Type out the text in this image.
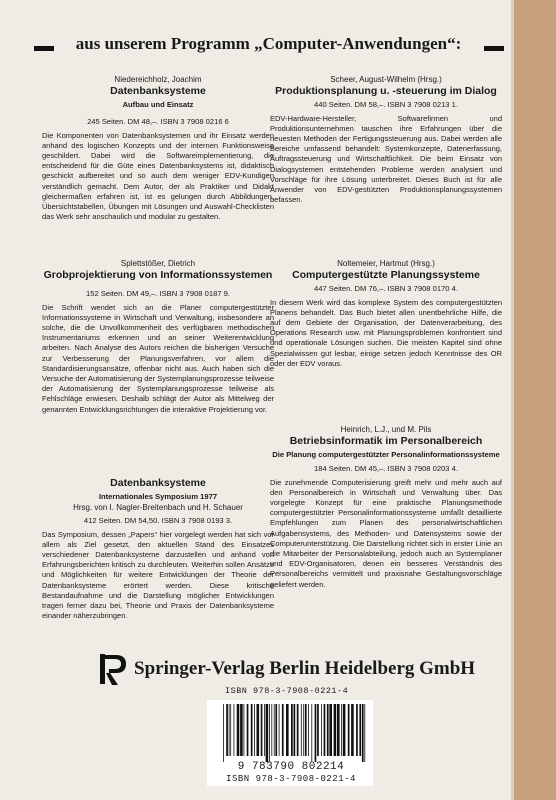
aus unserem Programm „Computer-Anwendungen“:
Niedereichholz, Joachim
Datenbanksysteme
Aufbau und Einsatz
245 Seiten. DM 48,–. ISBN 3 7908 0216 6
Die Komponenten von Datenbanksystemen und ihr Einsatz werden anhand des logischen Konzepts und der internen Funktionsweise geschildert. Dabei wird die Softwareimplementierung, die entscheidend für die Güte eines Datenbanksystems ist, didaktisch geschickt aufbereitet und so auch dem weniger EDV-Kundigen verständlich gemacht. Dem Autor, der als Praktiker und Didakt gleichermaßen erfahren ist, ist es gelungen durch Abbildungen, Übersichtstabellen, Übungen mit Lösungen und Auswahl-Checklisten das Werk sehr anschaulich und modular zu gestalten.
Splettstößer, Dietrich
Grobprojektierung von Informationssystemen
152 Seiten. DM 49,–. ISBN 3 7908 0187 9.
Die Schrift wendet sich an die Planer computergestützter Informationssysteme in Wirtschaft und Verwaltung, insbesondere an solche, die die Unvollkommenheit des verfügbaren methodischen Instrumentariums erkennen und an seiner Weiterentwicklung arbeiten. Nach Analyse des Autors reichen die bisherigen Versuche zur Verbesserung der Planungsverfahren, vor allem die Standardisierungsansätze, offenbar nicht aus. Auch haben sich die Versuche der Automatisierung der Systemplanungsprozesse teilweise der Automatisierung der Systemplanungsprozesse teilweise als Fehlschläge erwiesen. Deshalb schlägt der Autor als Mittelweg der genannten Entwicklungsrichtungen die interaktive Projektierung vor.
Datenbanksysteme
Internationales Symposium 1977
Hrsg. von I. Nagler-Breitenbach und H. Schauer
412 Seiten. DM 54,50. ISBN 3 7908 0193 3.
Das Symposium, dessen „Papers“ hier vorgelegt werden hat sich vor allem als Ziel gesetzt, den aktuellen Stand des Einsatzes verschiedener Datenbanksysteme darzustellen und anhand von Erfahrungsberichten kritisch zu durchleuten. Weiterhin sollen Ansätze und Möglichkeiten für weitere Entwicklungen der Theorie der Datenbanksysteme erörtert werden. Diese kritische Bestandaufnahme und die Darstellung möglicher Entwicklungen tragen ferner dazu bei, Theorie und Praxis der Datenbanksysteme einander näherzubringen.
Scheer, August-Wilhelm (Hrsg.)
Produktionsplanung u. -steuerung im Dialog
440 Seiten. DM 58,–. ISBN 3 7908 0213 1.
EDV-Hardware-Hersteller, Softwarefirmen und Produktionsunternehmen tauschen ihre Erfahrungen über die neuesten Methoden der Fertigungssteuerung aus. Dabei werden alle Bereiche umfassend behandelt: Systemkonzepte, Datenerfassung, Auftragssteuerung und Wirtschaftlichkeit. Die beim Einsatz von Dialogsystemen entstehenden Probleme werden analysiert und Vorschläge für ihre Lösung unterbreitet. Dieses Buch ist für alle Anwender von EDV-gestützten Produktionsplanungssystemen befassen.
Noltemeier, Hartmut (Hrsg.)
Computergestützte Planungssysteme
447 Seiten. DM 76,–. ISBN 3 7908 0170 4.
In diesem Werk wird das komplexe System des computergestützten Planens behandelt. Das Buch bietet allen unentbehrliche Hilfe, die auf dem Gebiete der Organisation, der Datenverarbeitung, des Operations Research usw. mit Planungsproblemen konfrontiert sind und operationale Lösungen suchen. Die meisten Kapitel sind ohne Spezialwissen gut lesbar, einige setzen jedoch Kenntnisse des OR oder der EDV voraus.
Heinrich, L.J., und M. Pils
Betriebsinformatik im Personalbereich
Die Planung computergestützter Personalinformationssysteme
184 Seiten. DM 45,–. ISBN 3 7908 0203 4.
Die zunehmende Computerisierung greift mehr und mehr auch auf den Personalbereich in Wirtschaft und Verwaltung über. Das vorgelegte Konzept für eine praktische Planungsmethode computergestützter Personalinformationssysteme umfaßt detaillierte Empfehlungen zum Planen des personalwirtschaftlichen Aufgabensystems, des Methoden- und Datensystems sowie der Computerunterstützung. Die Darstellung richtet sich in erster Linie an die Mitarbeiter der Personalabteilung, jedoch auch an Systemplaner und EDV-Organisatoren, denen ein besseres Verständnis des Personalbereichs vermittelt und praxisnahe Gestaltungsvorschläge geliefert werden.
Springer-Verlag Berlin Heidelberg GmbH
ISBN 978-3-7908-0221-4
9 783790 802214
ISBN 978-3-7908-0221-4
